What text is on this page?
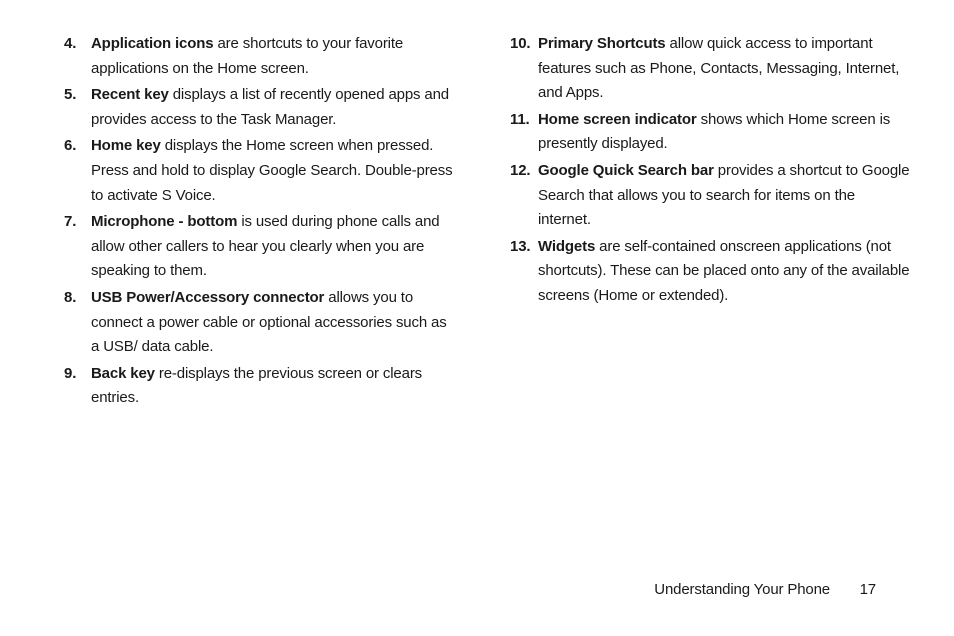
4. Application icons are shortcuts to your favorite applications on the Home screen.
5. Recent key displays a list of recently opened apps and provides access to the Task Manager.
6. Home key displays the Home screen when pressed. Press and hold to display Google Search. Double-press to activate S Voice.
7. Microphone - bottom is used during phone calls and allow other callers to hear you clearly when you are speaking to them.
8. USB Power/Accessory connector allows you to connect a power cable or optional accessories such as a USB/ data cable.
9. Back key re-displays the previous screen or clears entries.
10. Primary Shortcuts allow quick access to important features such as Phone, Contacts, Messaging, Internet, and Apps.
11. Home screen indicator shows which Home screen is presently displayed.
12. Google Quick Search bar provides a shortcut to Google Search that allows you to search for items on the internet.
13. Widgets are self-contained onscreen applications (not shortcuts). These can be placed onto any of the available screens (Home or extended).
Understanding Your Phone 17
